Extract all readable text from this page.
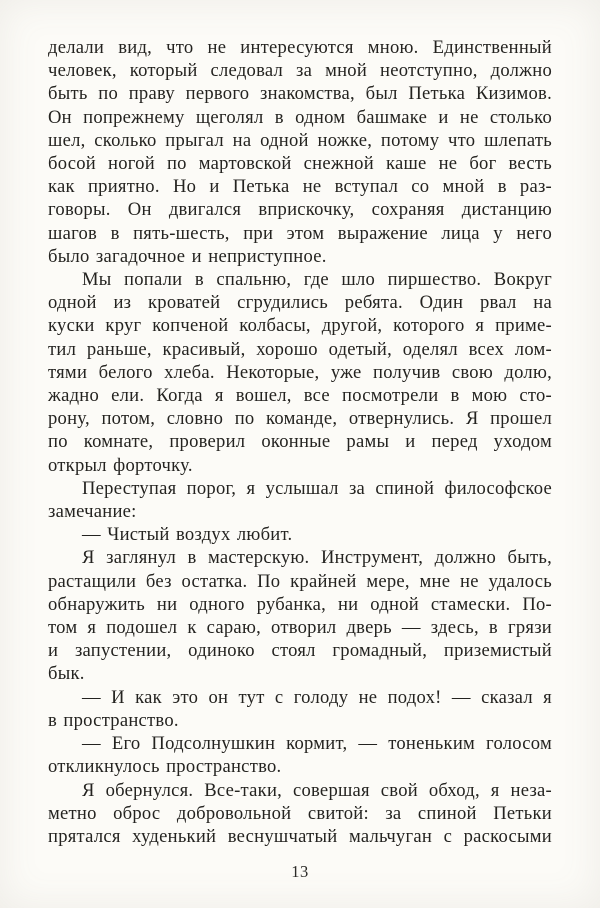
делали вид, что не интересуются мною. Единственный
человек, который следовал за мной неотступно, должно
быть по праву первого знакомства, был Петька Кизимов.
Он попрежнему щеголял в одном башмаке и не столько
шел, сколько прыгал на одной ножке, потому что шлепать
босой ногой по мартовской снежной каше не бог весть
как приятно. Но и Петька не вступал со мной в раз-
говоры. Он двигался вприскочку, сохраняя дистанцию
шагов в пять-шесть, при этом выражение лица у него
было загадочное и неприступное.
Мы попали в спальню, где шло пиршество. Вокруг
одной из кроватей сгрудились ребята. Один рвал на
куски круг копченой колбасы, другой, которого я приме-
тил раньше, красивый, хорошо одетый, оделял всех лом-
тями белого хлеба. Некоторые, уже получив свою долю,
жадно ели. Когда я вошел, все посмотрели в мою сто-
рону, потом, словно по команде, отвернулись. Я прошел
по комнате, проверил оконные рамы и перед уходом
открыл форточку.
Переступая порог, я услышал за спиной философское
замечание:
— Чистый воздух любит.
Я заглянул в мастерскую. Инструмент, должно быть,
растащили без остатка. По крайней мере, мне не удалось
обнаружить ни одного рубанка, ни одной стамески. По-
том я подошел к сараю, отворил дверь — здесь, в грязи
и запустении, одиноко стоял громадный, приземистый
бык.
— И как это он тут с голоду не подох! — сказал я
в пространство.
— Его Подсолнушкин кормит, — тоненьким голосом
откликнулось пространство.
Я обернулся. Все-таки, совершая свой обход, я неза-
метно оброс добровольной свитой: за спиной Петьки
прятался худенький веснушчатый мальчуган с раскосыми
13
